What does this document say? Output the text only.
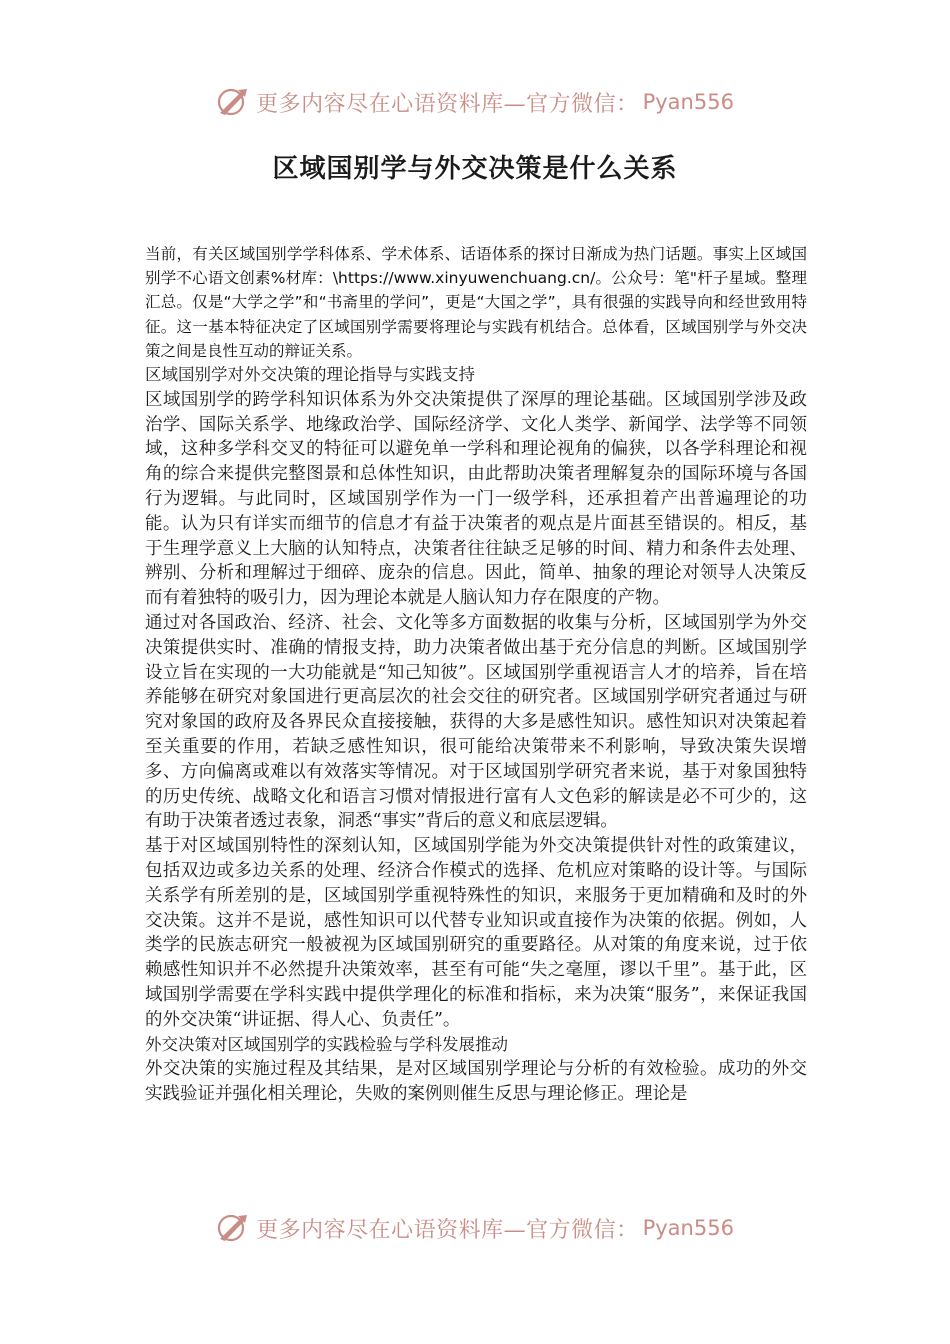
更多内容尽在心语资料库—官方微信： Pyan556
区域国别学与外交决策是什么关系

当前，有关区域国别学学科体系、学术体系、话语体系的探讨日渐成为热门话题。事实上区域国别学不心语文创素%材库：\https://www.xinyuwenchuang.cn/。公众号：笔"杆子星域。整理汇总。仅是“大学之学”和“书斋里的学问”，更是“大国之学”，具有很强的实践导向和经世致用特征。这一基本特征决定了区域国别学需要将理论与实践有机结合。总体看，区域国别学与外交决策之间是良性互动的辩证关系。

区域国别学对外交决策的理论指导与实践支持

区域国别学的跨学科知识体系为外交决策提供了深厚的理论基础。区域国别学涉及政治学、国际关系学、地缘政治学、国际经济学、文化人类学、新闻学、法学等不同领域，这种多学科交叉的特征可以避免单一学科和理论视角的偏狭，以各学科理论和视角的综合来提供完整图景和总体性知识，由此帮助决策者理解复杂的国际环境与各国行为逻辑。与此同时，区域国别学作为一门一级学科，还承担着产出普遍理论的功能。认为只有详实而细节的信息才有益于决策者的观点是片面甚至错误的。相反，基于生理学意义上大脑的认知特点，决策者往往缺乏足够的时间、精力和条件去处理、辨别、分析和理解过于细碎、庞杂的信息。因此，简单、抽象的理论对领导人决策反而有着独特的吸引力，因为理论本就是人脑认知力存在限度的产物。

通过对各国政治、经济、社会、文化等多方面数据的收集与分析，区域国别学为外交决策提供实时、准确的情报支持，助力决策者做出基于充分信息的判断。区域国别学设立旨在实现的一大功能就是“知己知彼”。区域国别学重视语言人才的培养，旨在培养能够在研究对象国进行更高层次的社会交往的研究者。区域国别学研究者通过与研究对象国的政府及各界民众直接接触，获得的大多是感性知识。感性知识对决策起着至关重要的作用，若缺乏感性知识，很可能给决策带来不利影响，导致决策失误增多、方向偏离或难以有效落实等情况。对于区域国别学研究者来说，基于对象国独特的历史传统、战略文化和语言习惯对情报进行富有人文色彩的解读是必不可少的，这有助于决策者透过表象，洞悉“事实”背后的意义和底层逻辑。

基于对区域国别特性的深刻认知，区域国别学能为外交决策提供针对性的政策建议，包括双边或多边关系的处理、经济合作模式的选择、危机应对策略的设计等。与国际关系学有所差别的是，区域国别学重视特殊性的知识，来服务于更加精确和及时的外交决策。这并不是说，感性知识可以代替专业知识或直接作为决策的依据。例如，人类学的民族志研究一般被视为区域国别研究的重要路径。从对策的角度来说，过于依赖感性知识并不必然提升决策效率，甚至有可能“失之毫厘，谬以千里”。基于此，区域国别学需要在学科实践中提供学理化的标准和指标，来为决策“服务”，来保证我国的外交决策“讲证据、得人心、负责任”。

外交决策对区域国别学的实践检验与学科发展推动

外交决策的实施过程及其结果，是对区域国别学理论与分析的有效检验。成功的外交实践验证并强化相关理论，失败的案例则催生反思与理论修正。理论是

更多内容尽在心语资料库—官方微信： Pyan556
